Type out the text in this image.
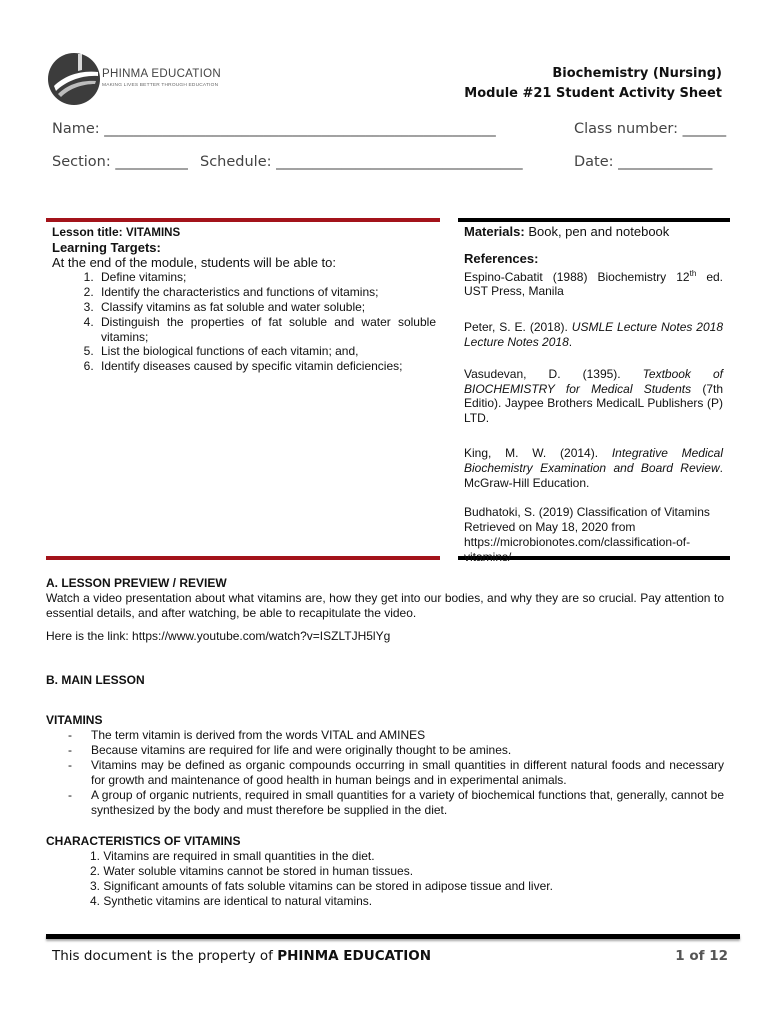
PHINMA EDUCATION
MAKING LIVES BETTER THROUGH EDUCATION
Biochemistry (Nursing)
Module #21 Student Activity Sheet
Name: ______________________________________________________	Class number: ______
Section: __________ Schedule: __________________________________	Date: _____________
Lesson title: VITAMINS
Learning Targets:
At the end of the module, students will be able to:
1. Define vitamins;
2. Identify the characteristics and functions of vitamins;
3. Classify vitamins as fat soluble and water soluble;
4. Distinguish the properties of fat soluble and water soluble vitamins;
5. List the biological functions of each vitamin; and,
6. Identify diseases caused by specific vitamin deficiencies;
Materials: Book, pen and notebook
References:
Espino-Cabatit (1988) Biochemistry 12th ed. UST Press, Manila
Peter, S. E. (2018). USMLE Lecture Notes 2018 Lecture Notes 2018.
Vasudevan, D. (1395). Textbook of BIOCHEMISTRY for Medical Students (7th Editio). Jaypee Brothers MedicalL Publishers (P) LTD.
King, M. W. (2014). Integrative Medical Biochemistry Examination and Board Review. McGraw-Hill Education.
Budhatoki, S. (2019) Classification of Vitamins Retrieved on May 18, 2020 from https://microbionotes.com/classification-of-vitamins/
A. LESSON PREVIEW / REVIEW
Watch a video presentation about what vitamins are, how they get into our bodies, and why they are so crucial. Pay attention to essential details, and after watching, be able to recapitulate the video.
Here is the link: https://www.youtube.com/watch?v=ISZLTJH5lYg
B. MAIN LESSON
VITAMINS
- The term vitamin is derived from the words VITAL and AMINES
- Because vitamins are required for life and were originally thought to be amines.
- Vitamins may be defined as organic compounds occurring in small quantities in different natural foods and necessary for growth and maintenance of good health in human beings and in experimental animals.
- A group of organic nutrients, required in small quantities for a variety of biochemical functions that, generally, cannot be synthesized by the body and must therefore be supplied in the diet.
CHARACTERISTICS OF VITAMINS
1. Vitamins are required in small quantities in the diet.
2. Water soluble vitamins cannot be stored in human tissues.
3. Significant amounts of fats soluble vitamins can be stored in adipose tissue and liver.
4. Synthetic vitamins are identical to natural vitamins.
This document is the property of PHINMA EDUCATION	1 of 12
